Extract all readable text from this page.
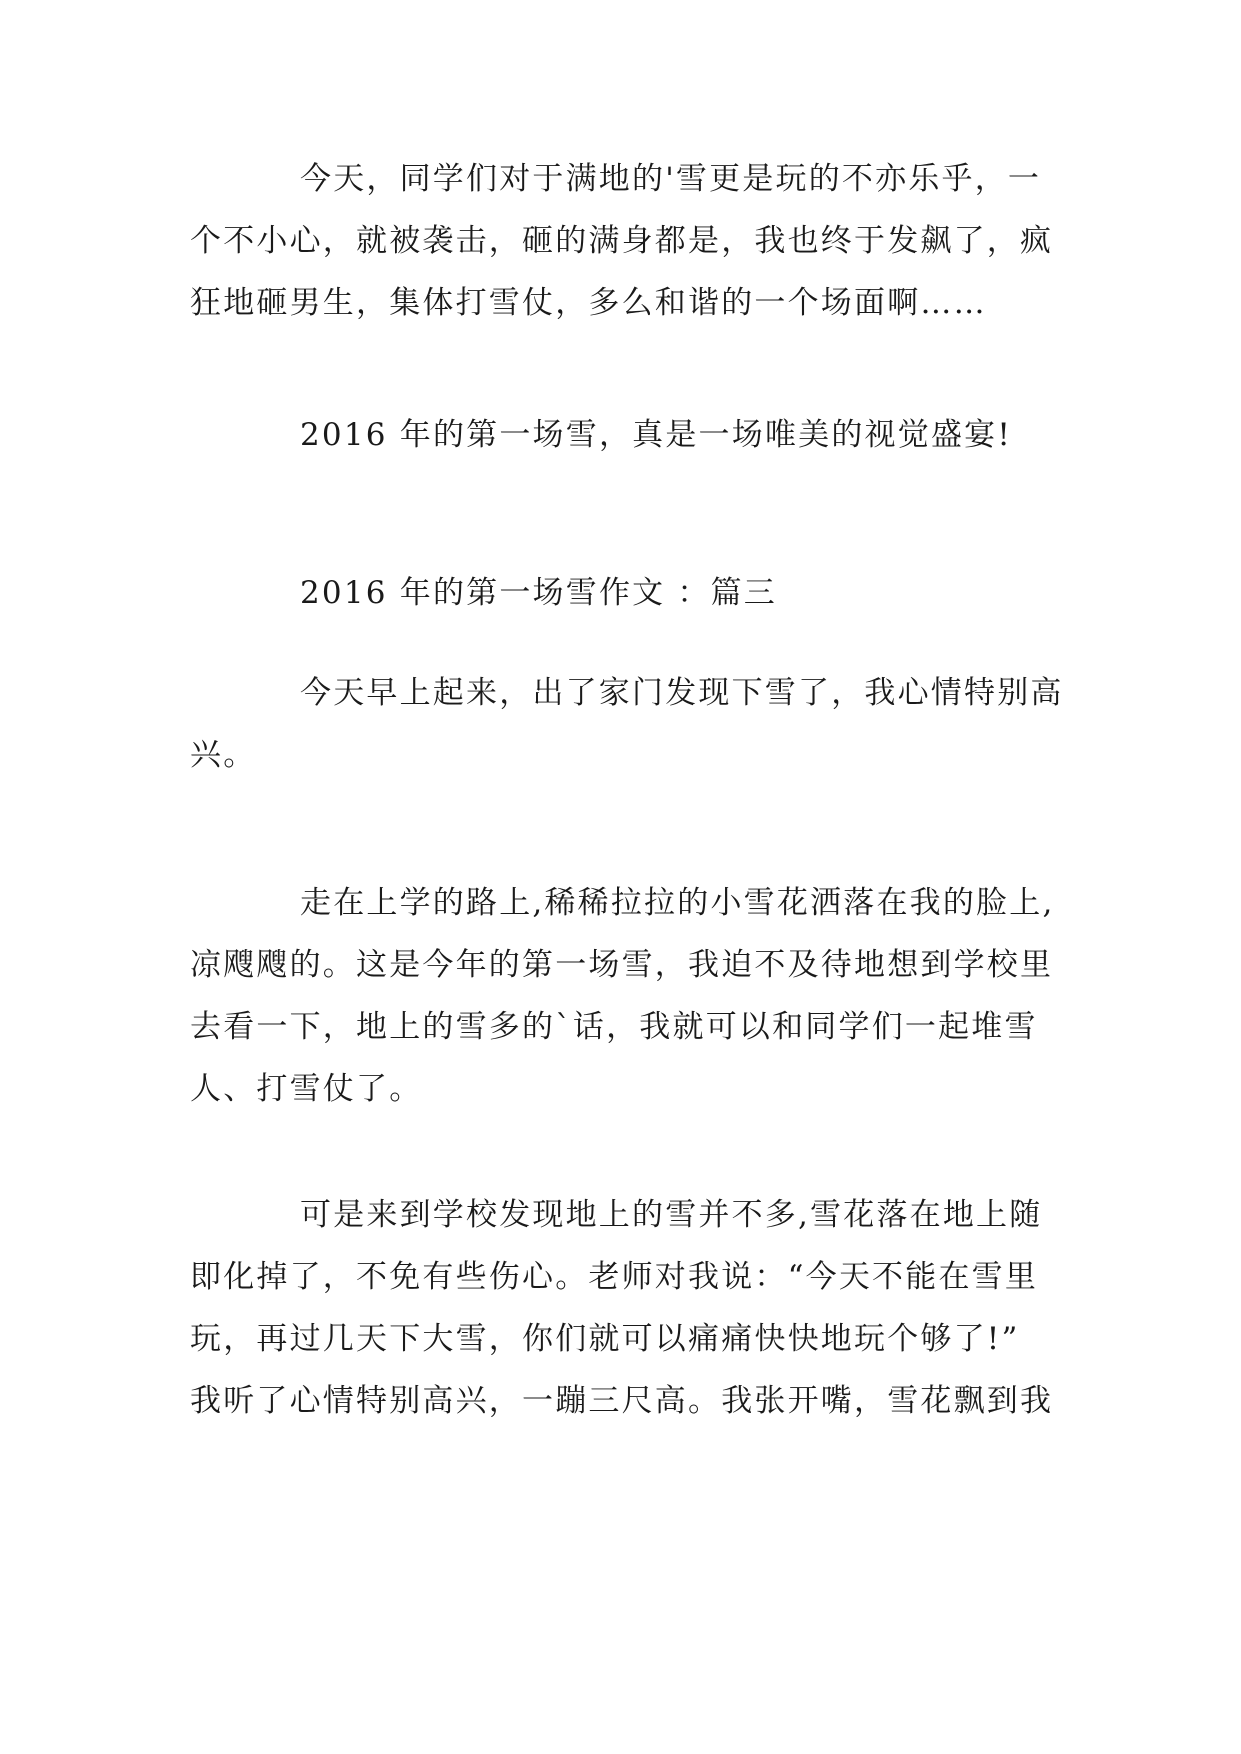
今天，同学们对于满地的'雪更是玩的不亦乐乎，一
个不小心，就被袭击，砸的满身都是，我也终于发飙了，疯
狂地砸男生，集体打雪仗，多么和谐的一个场面啊……

2016 年的第一场雪，真是一场唯美的视觉盛宴!

2016 年的第一场雪作文 ：篇三

今天早上起来，出了家门发现下雪了，我心情特别高
兴。

走在上学的路上,稀稀拉拉的小雪花洒落在我的脸上,
凉飕飕的。这是今年的第一场雪，我迫不及待地想到学校里
去看一下，地上的雪多的`话，我就可以和同学们一起堆雪
人、打雪仗了。

可是来到学校发现地上的雪并不多,雪花落在地上随
即化掉了，不免有些伤心。老师对我说：“今天不能在雪里
玩，再过几天下大雪，你们就可以痛痛快快地玩个够了!”
我听了心情特别高兴，一蹦三尺高。我张开嘴，雪花飘到我
